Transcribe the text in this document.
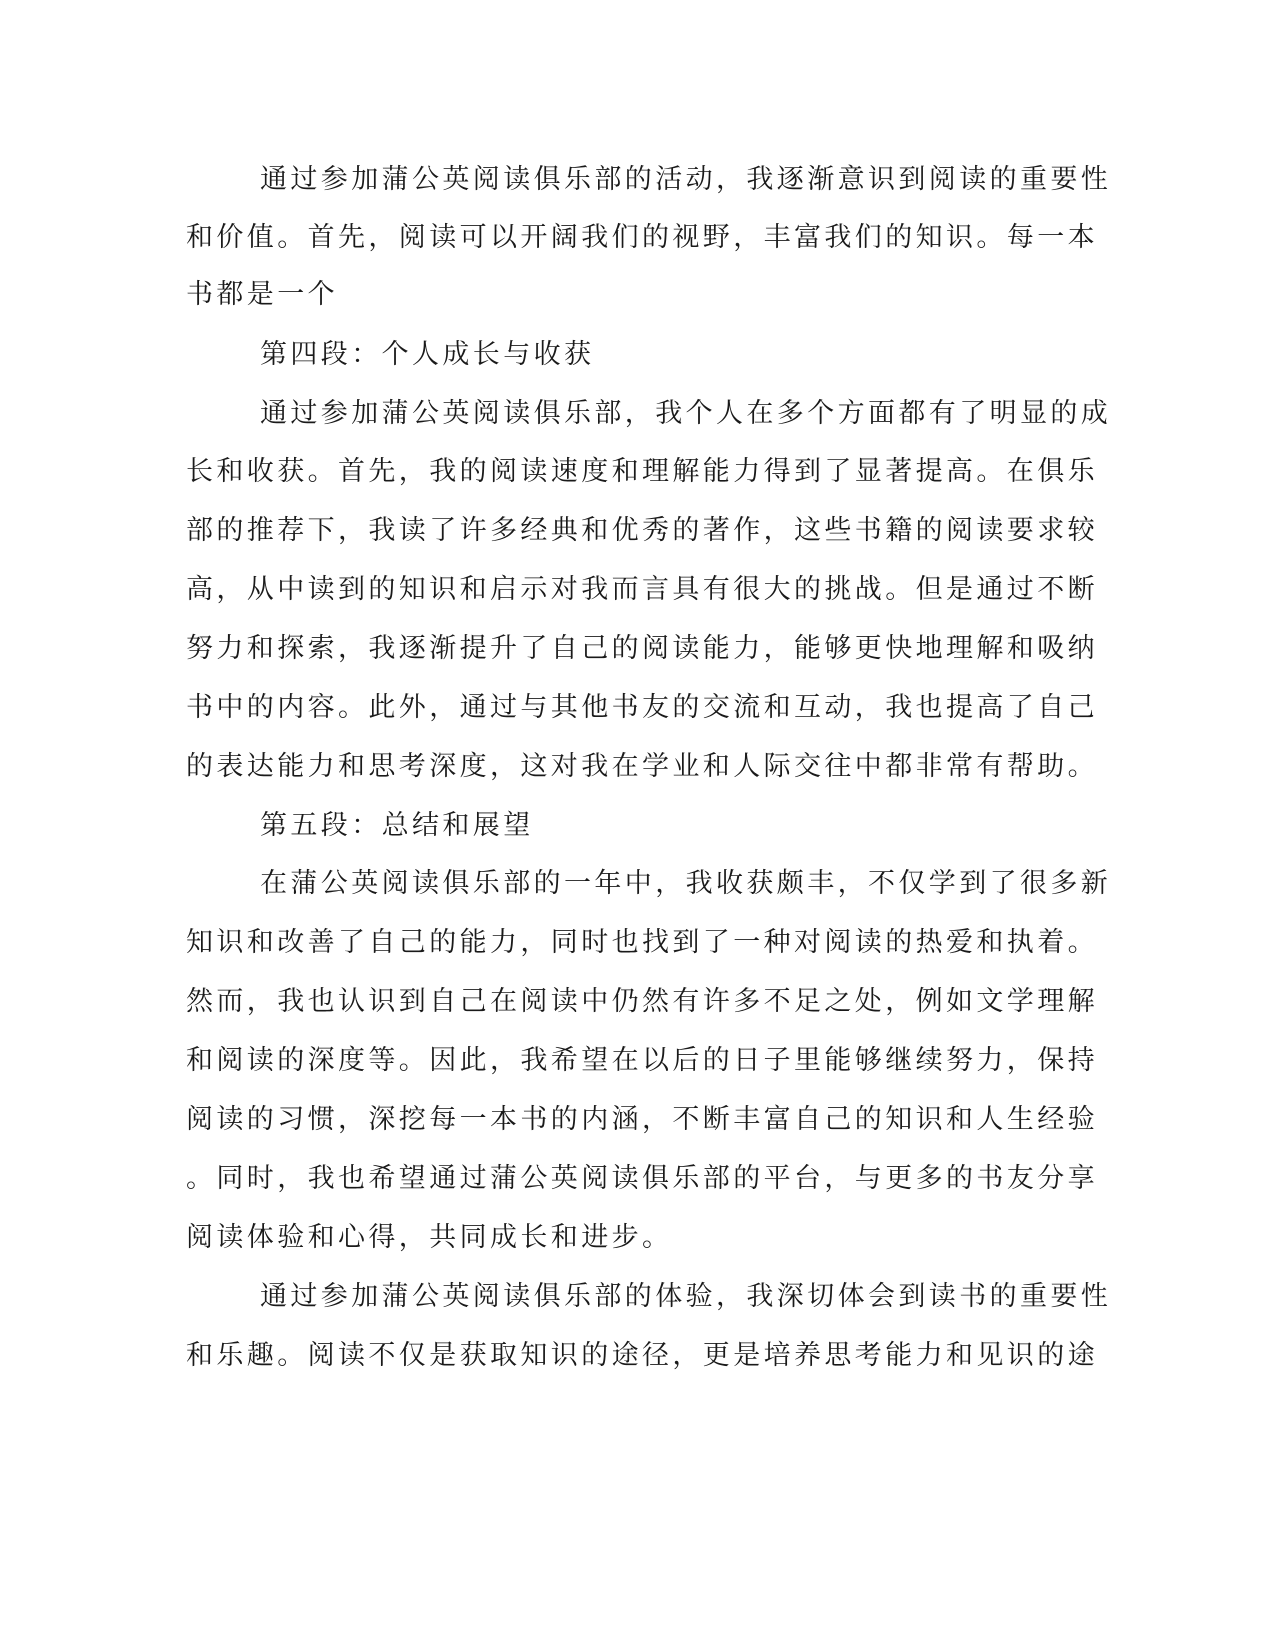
通过参加蒲公英阅读俱乐部的活动，我逐渐意识到阅读的重要性

和价值。首先，阅读可以开阔我们的视野，丰富我们的知识。每一本

书都是一个

第四段：个人成长与收获

通过参加蒲公英阅读俱乐部，我个人在多个方面都有了明显的成

长和收获。首先，我的阅读速度和理解能力得到了显著提高。在俱乐

部的推荐下，我读了许多经典和优秀的著作，这些书籍的阅读要求较

高，从中读到的知识和启示对我而言具有很大的挑战。但是通过不断

努力和探索，我逐渐提升了自己的阅读能力，能够更快地理解和吸纳

书中的内容。此外，通过与其他书友的交流和互动，我也提高了自己

的表达能力和思考深度，这对我在学业和人际交往中都非常有帮助。

第五段：总结和展望

在蒲公英阅读俱乐部的一年中，我收获颇丰，不仅学到了很多新

知识和改善了自己的能力，同时也找到了一种对阅读的热爱和执着。

然而，我也认识到自己在阅读中仍然有许多不足之处，例如文学理解

和阅读的深度等。因此，我希望在以后的日子里能够继续努力，保持

阅读的习惯，深挖每一本书的内涵，不断丰富自己的知识和人生经验

。同时，我也希望通过蒲公英阅读俱乐部的平台，与更多的书友分享

阅读体验和心得，共同成长和进步。

通过参加蒲公英阅读俱乐部的体验，我深切体会到读书的重要性

和乐趣。阅读不仅是获取知识的途径，更是培养思考能力和见识的途
